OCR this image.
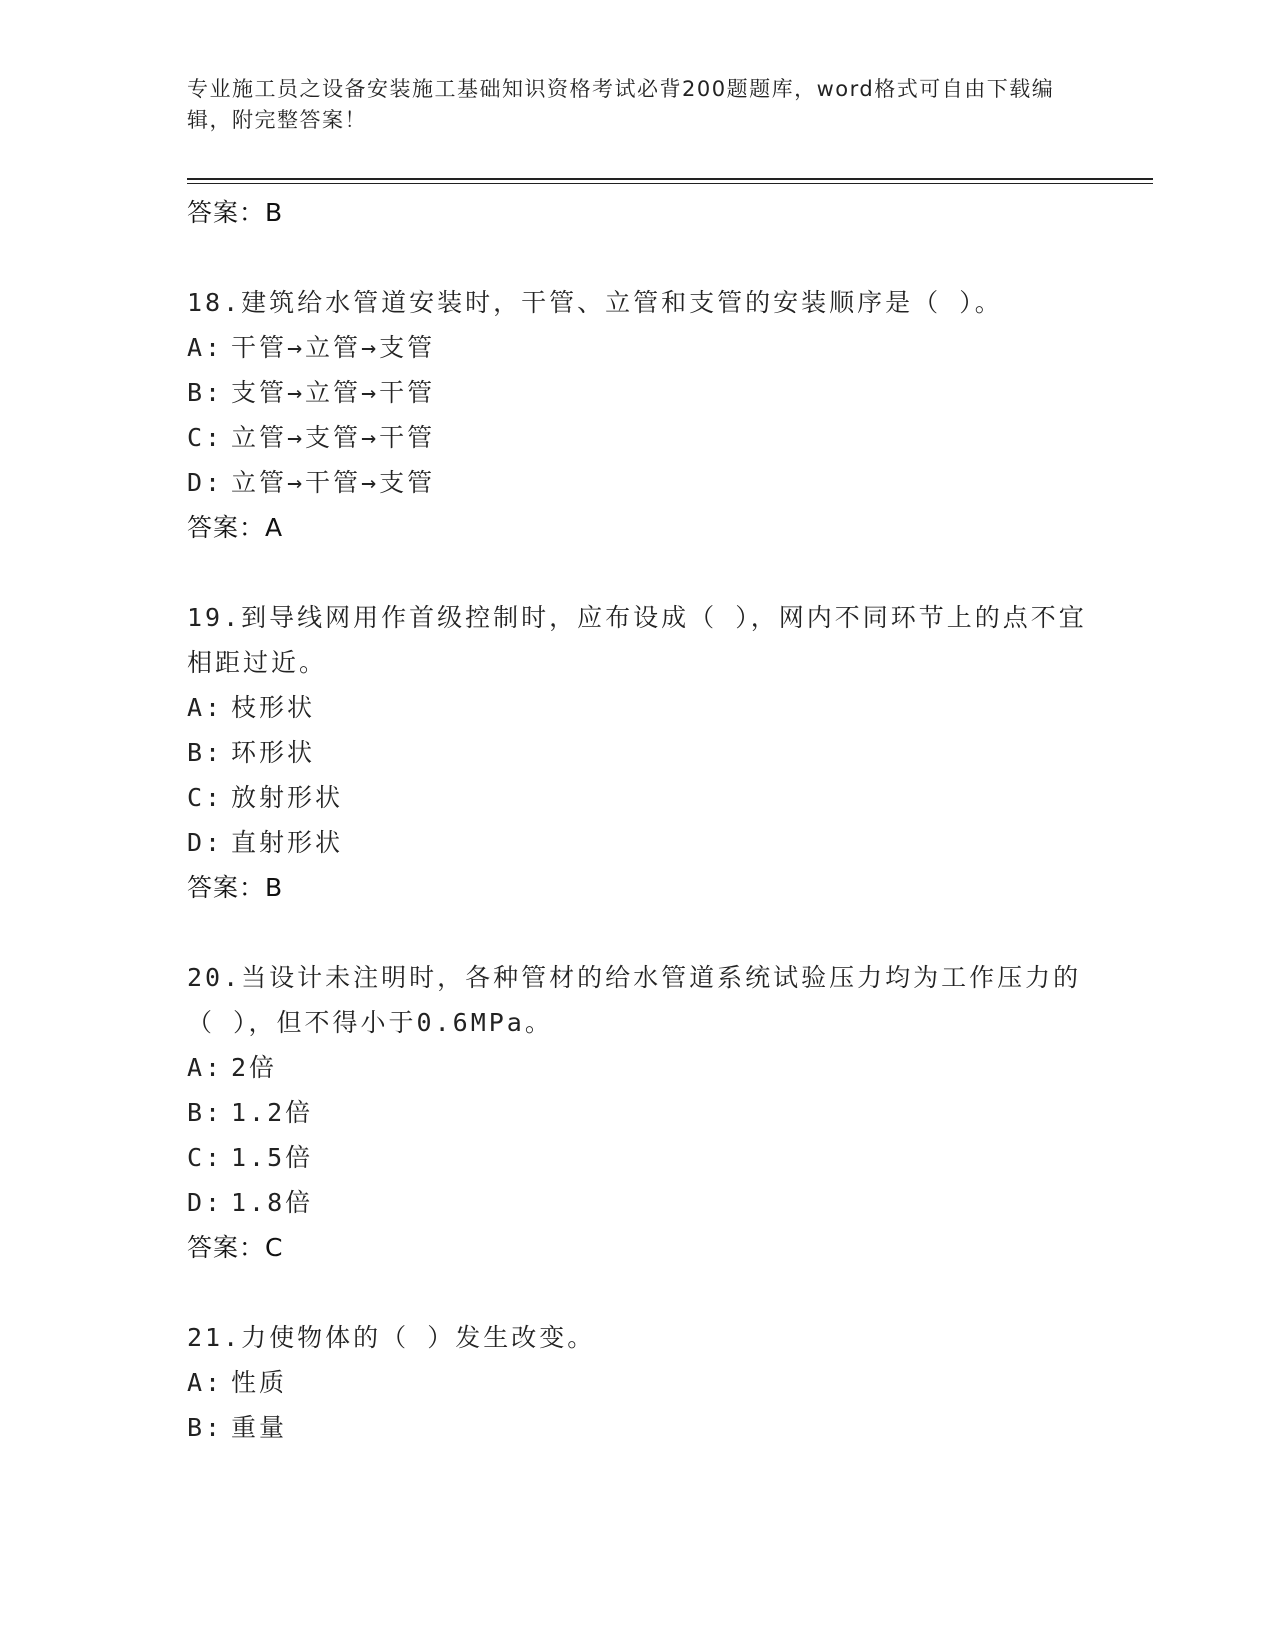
专业施工员之设备安装施工基础知识资格考试必背200题题库，word格式可自由下载编辑，附完整答案！
答案：B
18.建筑给水管道安装时，干管、立管和支管的安装顺序是（ ）。
A: 干管→立管→支管
B: 支管→立管→干管
C: 立管→支管→干管
D: 立管→干管→支管
答案：A
19.到导线网用作首级控制时，应布设成（ ），网内不同环节上的点不宜相距过近。
A: 枝形状
B: 环形状
C: 放射形状
D: 直射形状
答案：B
20.当设计未注明时，各种管材的给水管道系统试验压力均为工作压力的（ ），但不得小于0.6MPa。
A: 2倍
B: 1.2倍
C: 1.5倍
D: 1.8倍
答案：C
21.力使物体的（ ）发生改变。
A: 性质
B: 重量
